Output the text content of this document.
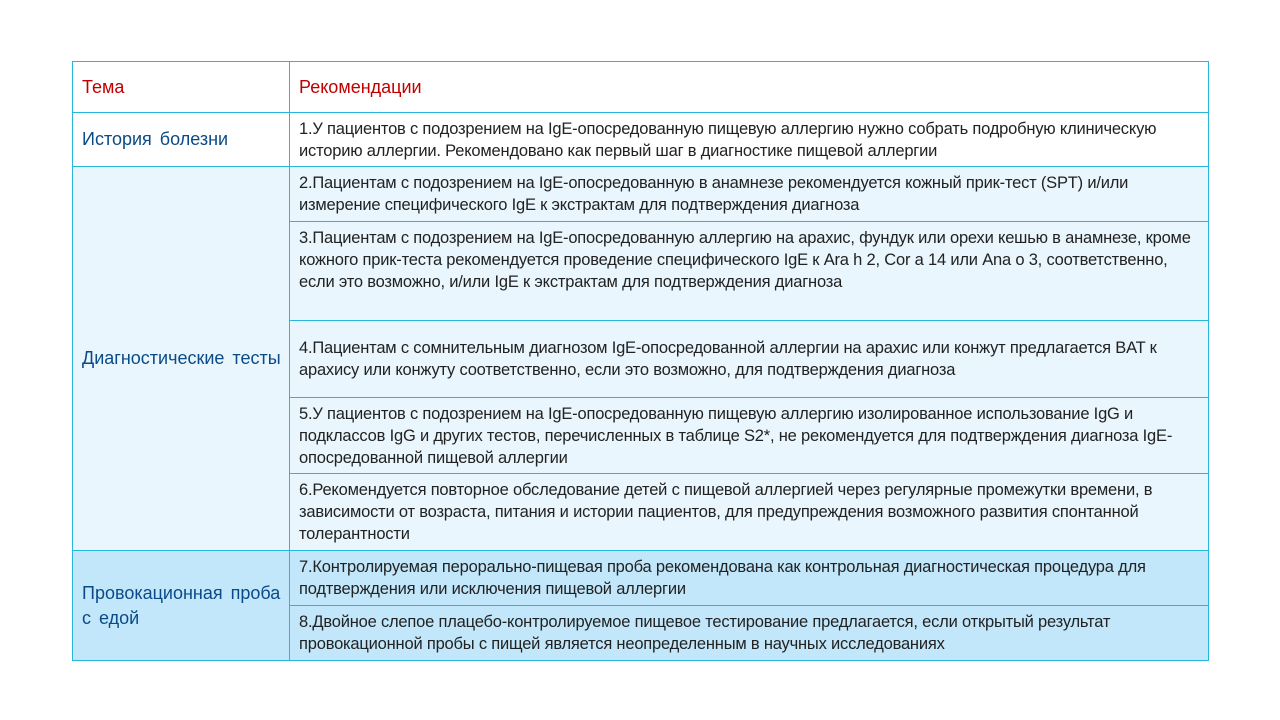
Тема	Рекомендации
История болезни	1.У пациентов с подозрением на IgE-опосредованную пищевую аллергию нужно собрать подробную клиническую историю аллергии. Рекомендовано как первый шаг в диагностике пищевой аллергии
Диагностические тесты	2.Пациентам с подозрением на IgE-опосредованную в анамнезе рекомендуется кожный прик-тест (SPT) и/или измерение специфического IgE к экстрактам для подтверждения диагноза
	3.Пациентам с подозрением на IgE-опосредованную аллергию на арахис, фундук или орехи кешью в анамнезе, кроме кожного прик-теста рекомендуется проведение специфического IgE к Ara h 2, Cor a 14 или Ana o 3, соответственно, если это возможно, и/или IgE к экстрактам для подтверждения диагноза
	4.Пациентам с сомнительным диагнозом IgE-опосредованной аллергии на арахис или конжут предлагается BAT к арахису или конжуту соответственно, если это возможно, для подтверждения диагноза
	5.У пациентов с подозрением на IgE-опосредованную пищевую аллергию изолированное использование IgG и подклассов IgG и других тестов, перечисленных в таблице S2*, не рекомендуется для подтверждения диагноза IgE-опосредованной пищевой аллергии
	6.Рекомендуется повторное обследование детей с пищевой аллергией через регулярные промежутки времени, в зависимости от возраста, питания и истории пациентов, для предупреждения возможного развития спонтанной толерантности
Провокационная проба с едой	7.Контролируемая перорально-пищевая проба рекомендована как контрольная диагностическая процедура для подтверждения или исключения пищевой аллергии
	8.Двойное слепое плацебо-контролируемое пищевое тестирование предлагается, если открытый результат провокационной пробы с пищей является неопределенным в научных исследованиях
